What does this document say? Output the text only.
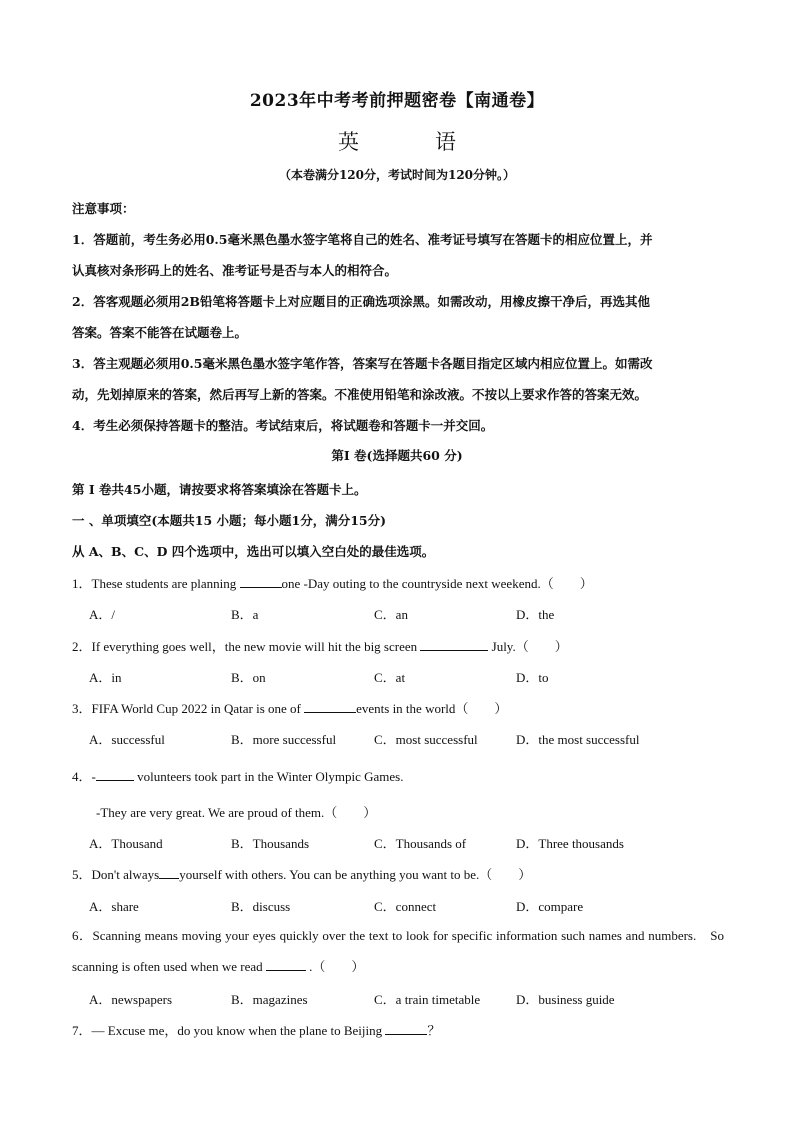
2023年中考考前押题密卷【南通卷】
英	语
（本卷满分120分，考试时间为120分钟。）
注意事项：
1．答题前，考生务必用0.5毫米黑色墨水签字笔将自己的姓名、准考证号填写在答题卡的相应位置上，并
认真核对条形码上的姓名、准考证号是否与本人的相符合。
2．答客观题必须用2B铅笔将答题卡上对应题目的正确选项涂黑。如需改动，用橡皮擦干净后，再选其他
答案。答案不能答在试题卷上。
3．答主观题必须用0.5毫米黑色墨水签字笔作答，答案写在答题卡各题目指定区域内相应位置上。如需改
动，先划掉原来的答案，然后再写上新的答案。不准使用铅笔和涂改液。不按以上要求作答的答案无效。
4．考生必须保持答题卡的整洁。考试结束后，将试题卷和答题卡一并交回。
第I 卷(选择题共60 分)
第 I 卷共45小题，请按要求将答案填涂在答题卡上。
一 、单项填空(本题共15 小题；每小题1分，满分15分)
从 A、B、C、D 四个选项中，选出可以填入空白处的最佳选项。
1．These students are planning	one -Day outing to the countryside next weekend.（　　）
A．/	B．a	C．an	D．the
2．If everything goes well，the new movie will hit the big screen	July.（　　）
A．in	B．on	C．at	D．to
3．FIFA World Cup 2022 in Qatar is one of	events in the world（　　）
A．successful	B．more successful	C．most successful	D．the most successful
4．-	volunteers took part in the Winter Olympic Games.
-They are very great. We are proud of them.（　　）
A．Thousand	B．Thousands	C．Thousands of	D．Three thousands
5．Don't always yourself with others. You can be anything you want to be.（　　）
A．share	B．discuss	C．connect	D．compare
6．Scanning means moving your eyes quickly over the text to look for specific information such names and numbers.　So scanning is often used when we read	.（　　）
A．newspapers	B．magazines	C．a train timetable	D．business guide
7．— Excuse me，do you know when the plane to Beijing	？
